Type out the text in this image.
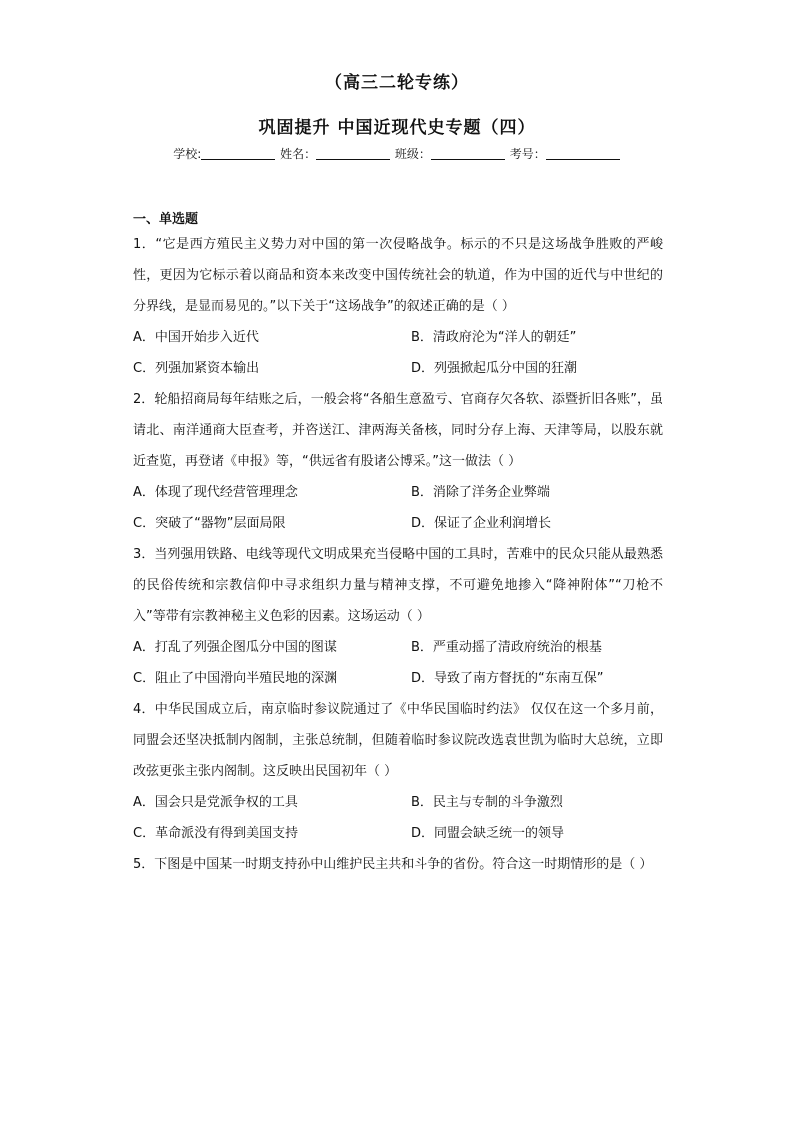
（高三二轮专练）
巩固提升 中国近现代史专题（四）
学校:	姓名：	班级：	考号：
一、单选题

1．“它是西方殖民主义势力对中国的第一次侵略战争。标示的不只是这场战争胜败的严峻性，更因为它标示着以商品和资本来改变中国传统社会的轨道，作为中国的近代与中世纪的分界线，是显而易见的。”以下关于“这场战争”的叙述正确的是（ ）

A．中国开始步入近代	B．清政府沦为“洋人的朝廷”
C．列强加紧资本输出	D．列强掀起瓜分中国的狂潮

2．轮船招商局每年结账之后，一般会将“各船生意盈亏、官商存欠各软、添暨折旧各账”，虽请北、南洋通商大臣查考，并咨送江、津两海关备核，同时分存上海、天津等局，以股东就近查览，再登诸《申报》等，“供远省有股诸公博采。”这一做法（ ）

A．体现了现代经营管理理念	B．消除了洋务企业弊端
C．突破了“器物”层面局限	D．保证了企业利润增长

3．当列强用铁路、电线等现代文明成果充当侵略中国的工具时，苦难中的民众只能从最熟悉的民俗传统和宗教信仰中寻求组织力量与精神支撑，不可避免地掺入“降神附体”“刀枪不入”等带有宗教神秘主义色彩的因素。这场运动（ ）

A．打乱了列强企图瓜分中国的图谋	B．严重动摇了清政府统治的根基
C．阻止了中国滑向半殖民地的深渊	D．导致了南方督抚的“东南互保”

4．中华民国成立后，南京临时参议院通过了《中华民国临时约法》 仅仅在这一个多月前，同盟会还坚决抵制内阁制，主张总统制，但随着临时参议院改选袁世凯为临时大总统，立即改弦更张主张内阁制。这反映出民国初年（ ）

A．国会只是党派争权的工具	B．民主与专制的斗争激烈
C．革命派没有得到美国支持	D．同盟会缺乏统一的领导

5．下图是中国某一时期支持孙中山维护民主共和斗争的省份。符合这一时期情形的是（ ）
